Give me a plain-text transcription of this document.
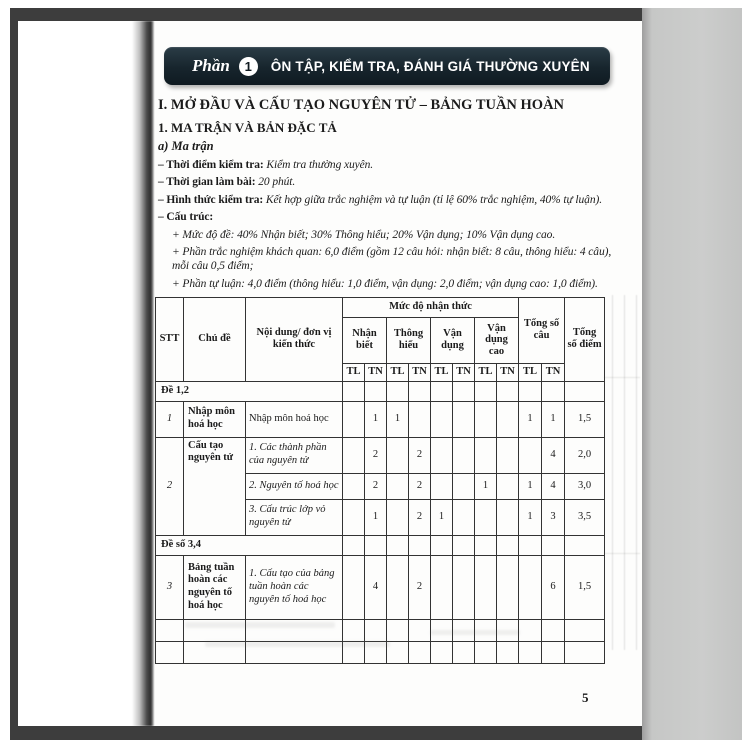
Phần	1	ÔN TẬP, KIỂM TRA, ĐÁNH GIÁ THƯỜNG XUYÊN
I. MỞ ĐẦU VÀ CẤU TẠO NGUYÊN TỬ – BẢNG TUẦN HOÀN
1. MA TRẬN VÀ BẢN ĐẶC TẢ
a) Ma trận
– Thời điểm kiểm tra: Kiểm tra thường xuyên.
– Thời gian làm bài: 20 phút.
– Hình thức kiểm tra: Kết hợp giữa trắc nghiệm và tự luận (tỉ lệ 60% trắc nghiệm, 40% tự luận).
– Cấu trúc:
+ Mức độ đề: 40% Nhận biết; 30% Thông hiểu; 20% Vận dụng; 10% Vận dụng cao.
+ Phần trắc nghiệm khách quan: 6,0 điểm (gồm 12 câu hỏi: nhận biết: 8 câu, thông hiểu: 4 câu),
mỗi câu 0,5 điểm;
+ Phần tự luận: 4,0 điểm (thông hiểu: 1,0 điểm, vận dụng: 2,0 điểm; vận dụng cao: 1,0 điểm).
STT	Chủ đề	Nội dung/ đơn vị kiến thức	Mức độ nhận thức								Tổng số câu		Tổng số điểm
			Nhận biết		Thông hiểu		Vận dụng		Vận dụng cao				
			TL	TN	TL	TN	TL	TN	TL	TN	TL	TN	
Đề 1,2													
1	Nhập môn hoá học	Nhập môn hoá học		1	1						1	1	1,5
2	Cấu tạo nguyên tử	1. Các thành phần của nguyên tử		2		2						4	2,0
		2. Nguyên tố hoá học		2		2			1		1	4	3,0
		3. Cấu trúc lớp vỏ nguyên tử		1		2	1				1	3	3,5
Đề số 3,4													
3	Bảng tuần hoàn các nguyên tố hoá học	1. Cấu tạo của bảng tuần hoàn các nguyên tố hoá học		4		2						6	1,5

5
